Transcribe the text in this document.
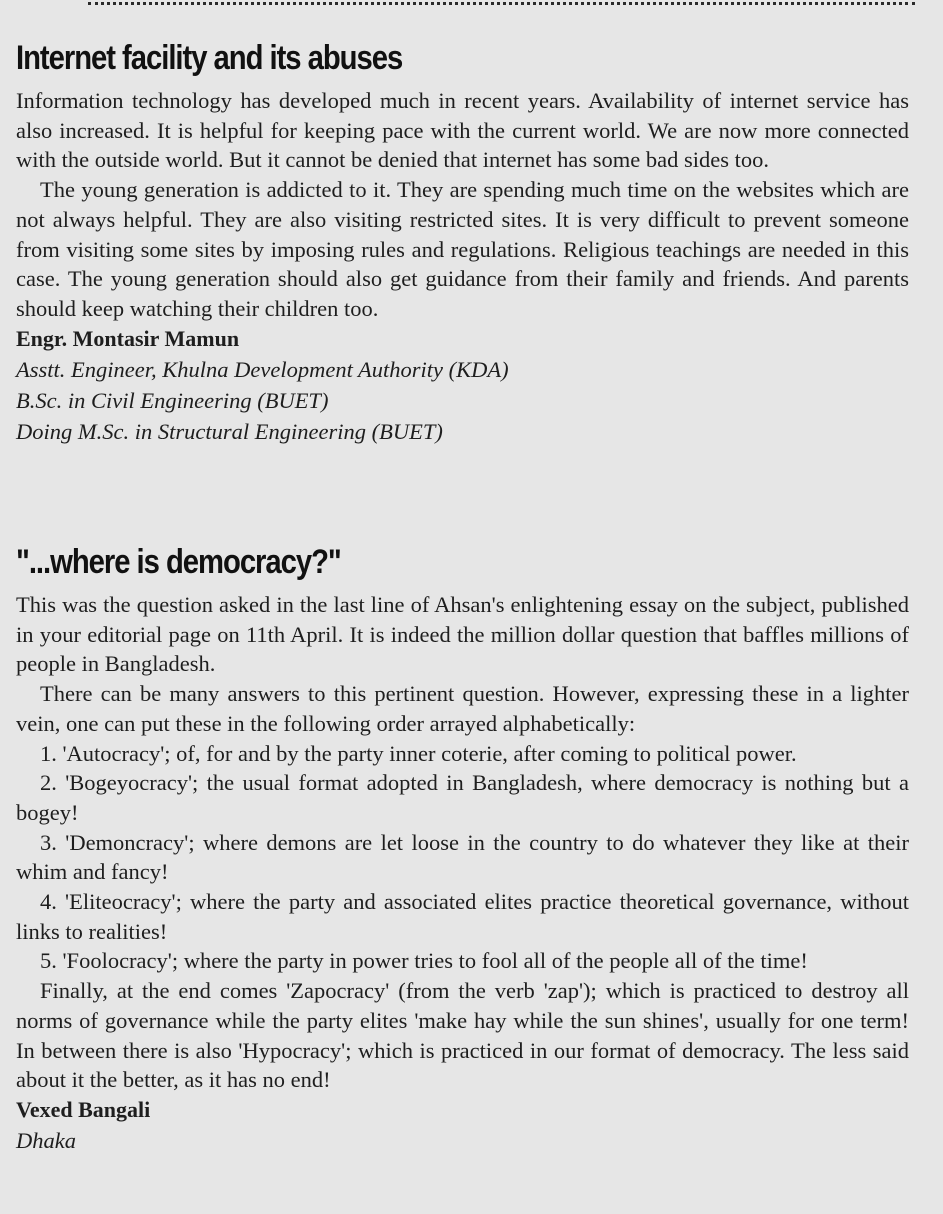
Internet facility and its abuses

Information technology has developed much in recent years. Availability of internet service has also increased. It is helpful for keeping pace with the current world. We are now more connected with the outside world. But it cannot be denied that internet has some bad sides too.

The young generation is addicted to it. They are spending much time on the websites which are not always helpful. They are also visiting restricted sites. It is very difficult to prevent someone from visiting some sites by imposing rules and regulations. Religious teachings are needed in this case. The young generation should also get guidance from their family and friends. And parents should keep watching their children too.

Engr. Montasir Mamun

Asstt. Engineer, Khulna Development Authority (KDA)

B.Sc. in Civil Engineering (BUET)

Doing M.Sc. in Structural Engineering (BUET)

"...where is democracy?"

This was the question asked in the last line of Ahsan's enlightening essay on the subject, published in your editorial page on 11th April. It is indeed the million dollar question that baffles millions of people in Bangladesh.

There can be many answers to this pertinent question. However, expressing these in a lighter vein, one can put these in the following order arrayed alphabetically:

1. 'Autocracy'; of, for and by the party inner coterie, after coming to political power.

2. 'Bogeyocracy'; the usual format adopted in Bangladesh, where democracy is nothing but a bogey!

3. 'Demoncracy'; where demons are let loose in the country to do whatever they like at their whim and fancy!

4. 'Eliteocracy'; where the party and associated elites practice theoretical governance, without links to realities!

5. 'Foolocracy'; where the party in power tries to fool all of the people all of the time!

Finally, at the end comes 'Zapocracy' (from the verb 'zap'); which is practiced to destroy all norms of governance while the party elites 'make hay while the sun shines', usually for one term! In between there is also 'Hypocracy'; which is practiced in our format of democracy. The less said about it the better, as it has no end!

Vexed Bangali

Dhaka
